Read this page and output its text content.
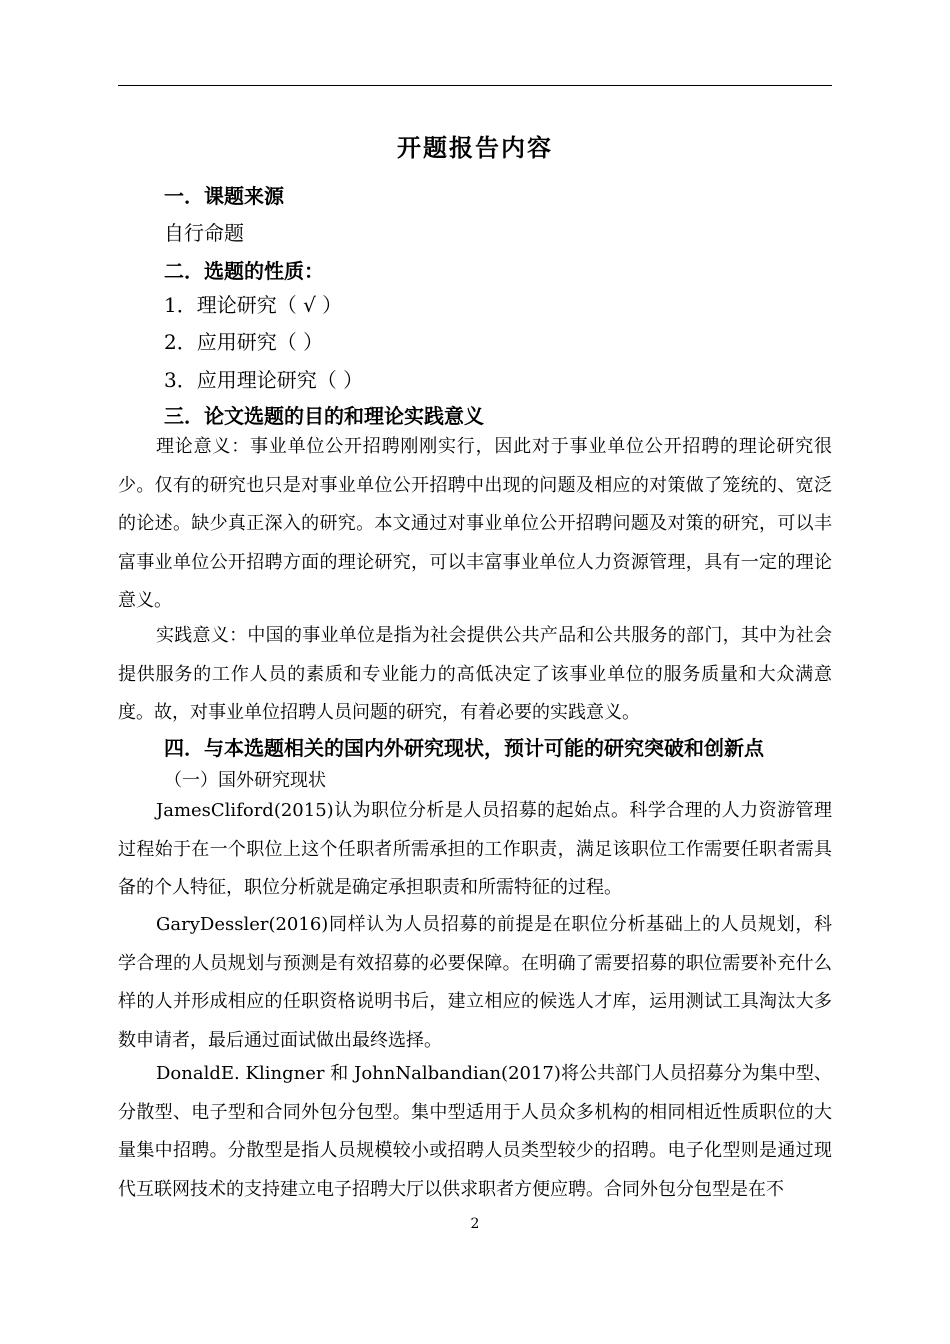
开题报告内容
一．课题来源
自行命题
二．选题的性质：
1．理论研究（ √ ）
2．应用研究（ ）
3．应用理论研究（ ）
三．论文选题的目的和理论实践意义

理论意义：事业单位公开招聘刚刚实行，因此对于事业单位公开招聘的理论研究很少。仅有的研究也只是对事业单位公开招聘中出现的问题及相应的对策做了笼统的、宽泛的论述。缺少真正深入的研究。本文通过对事业单位公开招聘问题及对策的研究，可以丰富事业单位公开招聘方面的理论研究，可以丰富事业单位人力资源管理，具有一定的理论意义。

实践意义：中国的事业单位是指为社会提供公共产品和公共服务的部门，其中为社会提供服务的工作人员的素质和专业能力的高低决定了该事业单位的服务质量和大众满意度。故，对事业单位招聘人员问题的研究，有着必要的实践意义。

四．与本选题相关的国内外研究现状，预计可能的研究突破和创新点
（一）国外研究现状

JamesCliford(2015)认为职位分析是人员招募的起始点。科学合理的人力资游管理过程始于在一个职位上这个任职者所需承担的工作职责，满足该职位工作需要任职者需具备的个人特征，职位分析就是确定承担职责和所需特征的过程。

GaryDessler(2016)同样认为人员招募的前提是在职位分析基础上的人员规划，科学合理的人员规划与预测是有效招募的必要保障。在明确了需要招募的职位需要补充什么样的人并形成相应的任职资格说明书后，建立相应的候选人才库，运用测试工具淘汰大多数申请者，最后通过面试做出最终选择。

DonaldE. Klingner 和 JohnNalbandian(2017)将公共部门人员招募分为集中型、分散型、电子型和合同外包分包型。集中型适用于人员众多机构的相同相近性质职位的大量集中招聘。分散型是指人员规模较小或招聘人员类型较少的招聘。电子化型则是通过现代互联网技术的支持建立电子招聘大厅以供求职者方便应聘。合同外包分包型是在不

2
